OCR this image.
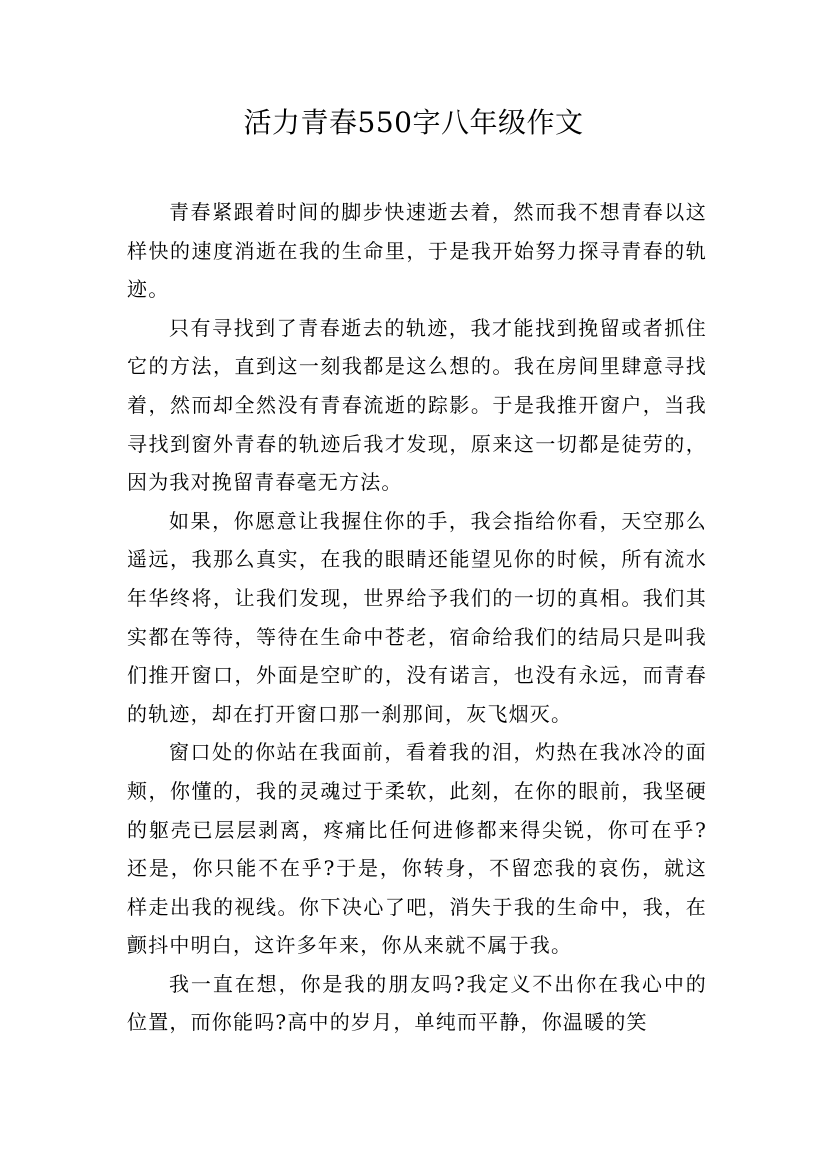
活力青春550字八年级作文

青春紧跟着时间的脚步快速逝去着，然而我不想青春以这样快的速度消逝在我的生命里，于是我开始努力探寻青春的轨迹。

只有寻找到了青春逝去的轨迹，我才能找到挽留或者抓住它的方法，直到这一刻我都是这么想的。我在房间里肆意寻找着，然而却全然没有青春流逝的踪影。于是我推开窗户，当我寻找到窗外青春的轨迹后我才发现，原来这一切都是徒劳的，因为我对挽留青春毫无方法。

如果，你愿意让我握住你的手，我会指给你看，天空那么遥远，我那么真实，在我的眼睛还能望见你的时候，所有流水年华终将，让我们发现，世界给予我们的一切的真相。我们其实都在等待，等待在生命中苍老，宿命给我们的结局只是叫我们推开窗口，外面是空旷的，没有诺言，也没有永远，而青春的轨迹，却在打开窗口那一刹那间，灰飞烟灭。

窗口处的你站在我面前，看着我的泪，灼热在我冰冷的面颊，你懂的，我的灵魂过于柔软，此刻，在你的眼前，我坚硬的躯壳已层层剥离，疼痛比任何进修都来得尖锐，你可在乎?还是，你只能不在乎?于是，你转身，不留恋我的哀伤，就这样走出我的视线。你下决心了吧，消失于我的生命中，我，在颤抖中明白，这许多年来，你从来就不属于我。

我一直在想，你是我的朋友吗?我定义不出你在我心中的位置，而你能吗?高中的岁月，单纯而平静，你温暖的笑
